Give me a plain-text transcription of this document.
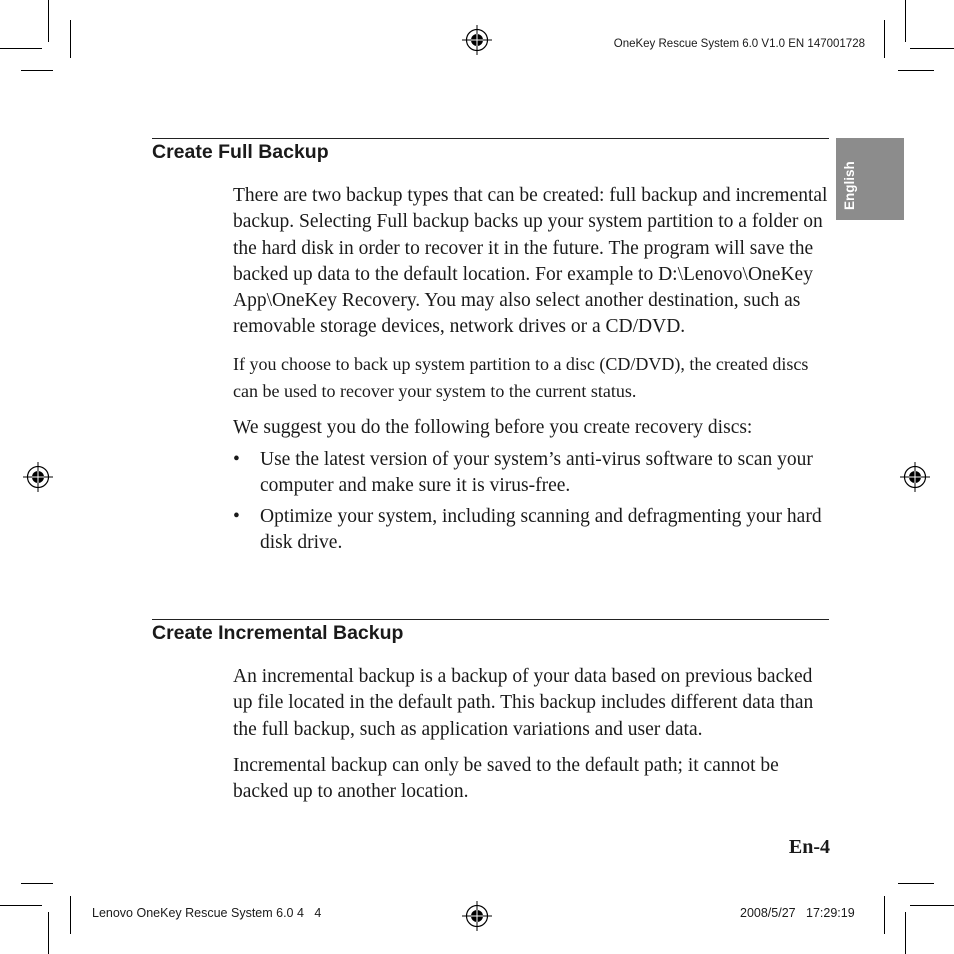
OneKey Rescue System 6.0 V1.0 EN 147001728
English
Create Full Backup

There are two backup types that can be created: full backup and incremental backup. Selecting Full backup backs up your system partition to a folder on the hard disk in order to recover it in the future. The program will save the backed up data to the default location. For example to D:\Lenovo\OneKey App\OneKey Recovery. You may also select another destination, such as removable storage devices, network drives or a CD/DVD.

If you choose to back up system partition to a disc (CD/DVD), the created discs can be used to recover your system to the current status.

We suggest you do the following before you create recovery discs:

• Use the latest version of your system’s anti-virus software to scan your computer and make sure it is virus-free.
• Optimize your system, including scanning and defragmenting your hard disk drive.
Create Incremental Backup

An incremental backup is a backup of your data based on previous backed up file located in the default path. This backup includes different data than the full backup, such as application variations and user data.

Incremental backup can only be saved to the default path; it cannot be backed up to another location.

En-4
Lenovo OneKey Rescue System 6.0 4   4	2008/5/27   17:29:19
